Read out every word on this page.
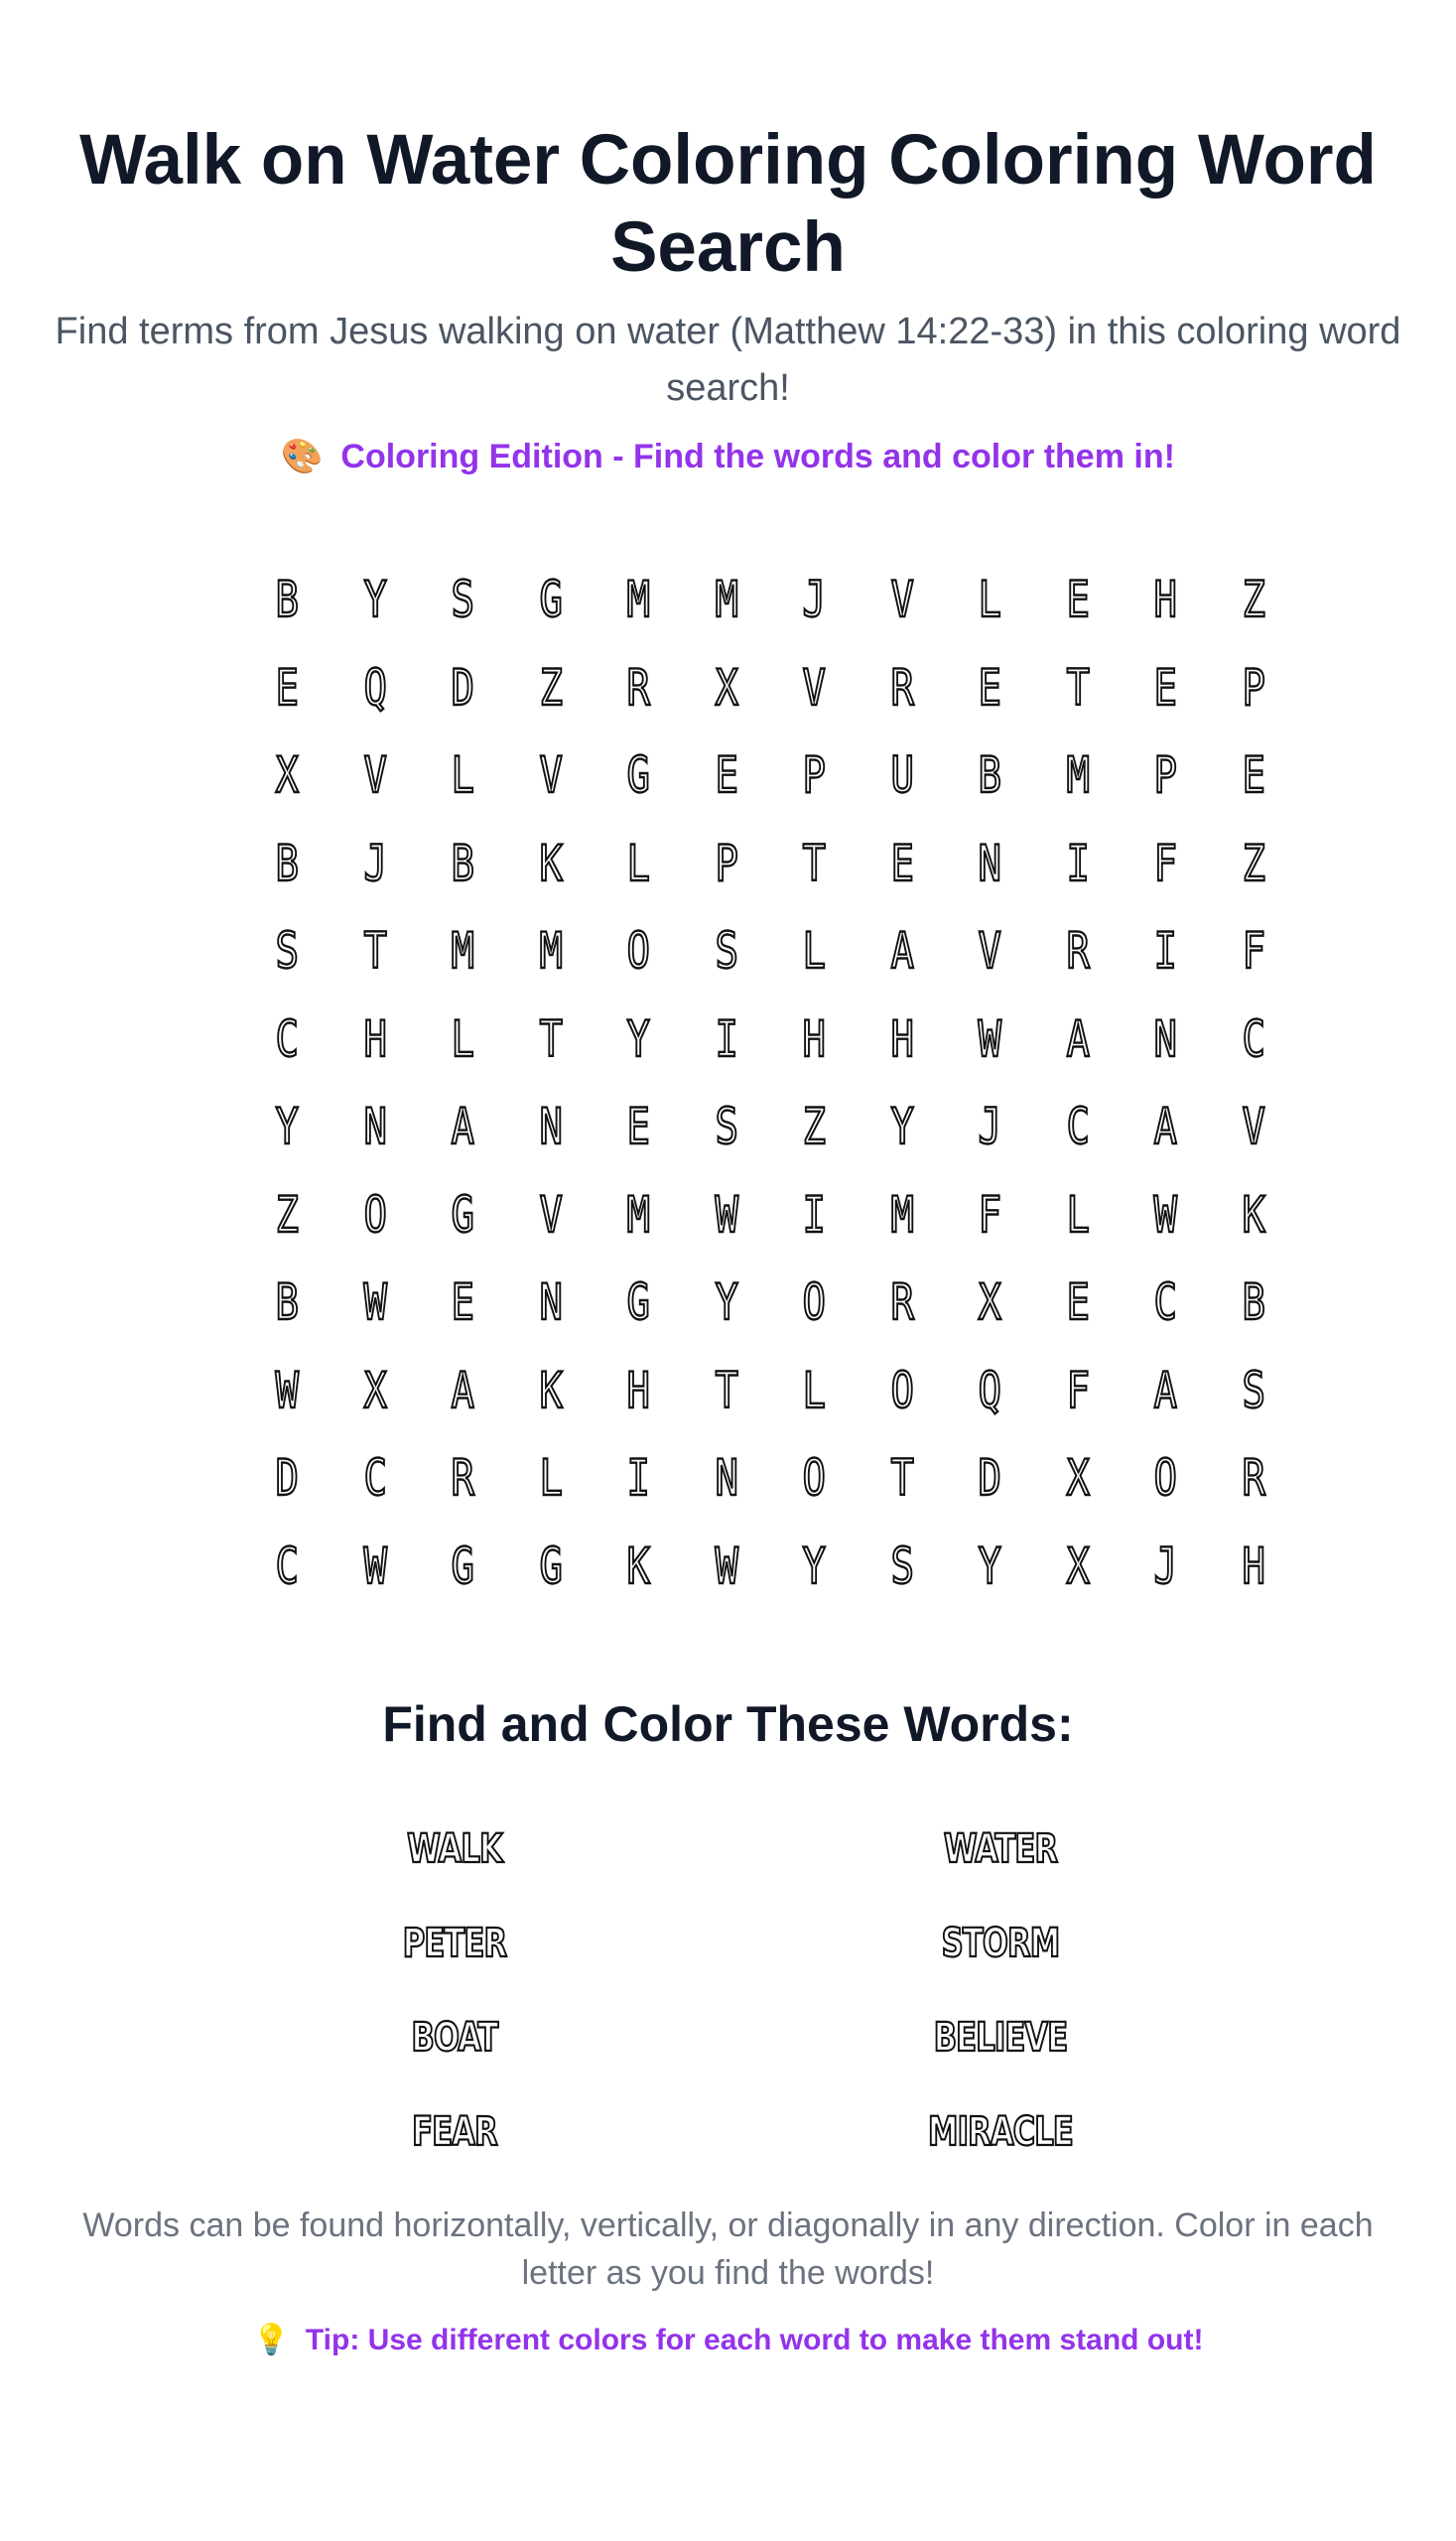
Walk on Water Coloring Coloring Word Search
Find terms from Jesus walking on water (Matthew 14:22-33) in this coloring word search!
🎨 Coloring Edition - Find the words and color them in!
B	Y	S	G	M	M	J	V	L	E	H	Z
E	Q	D	Z	R	X	V	R	E	T	E	P
X	V	L	V	G	E	P	U	B	M	P	E
B	J	B	K	L	P	T	E	N	I	F	Z
S	T	M	M	O	S	L	A	V	R	I	F
C	H	L	T	Y	I	H	H	W	A	N	C
Y	N	A	N	E	S	Z	Y	J	C	A	V
Z	O	G	V	M	W	I	M	F	L	W	K
B	W	E	N	G	Y	O	R	X	E	C	B
W	X	A	K	H	T	L	O	Q	F	A	S
D	C	R	L	I	N	O	T	D	X	O	R
C	W	G	G	K	W	Y	S	Y	X	J	H
Find and Color These Words:
WALK	WATER
PETER	STORM
BOAT	BELIEVE
FEAR	MIRACLE

Words can be found horizontally, vertically, or diagonally in any direction. Color in each letter as you find the words!

💡 Tip: Use different colors for each word to make them stand out!
